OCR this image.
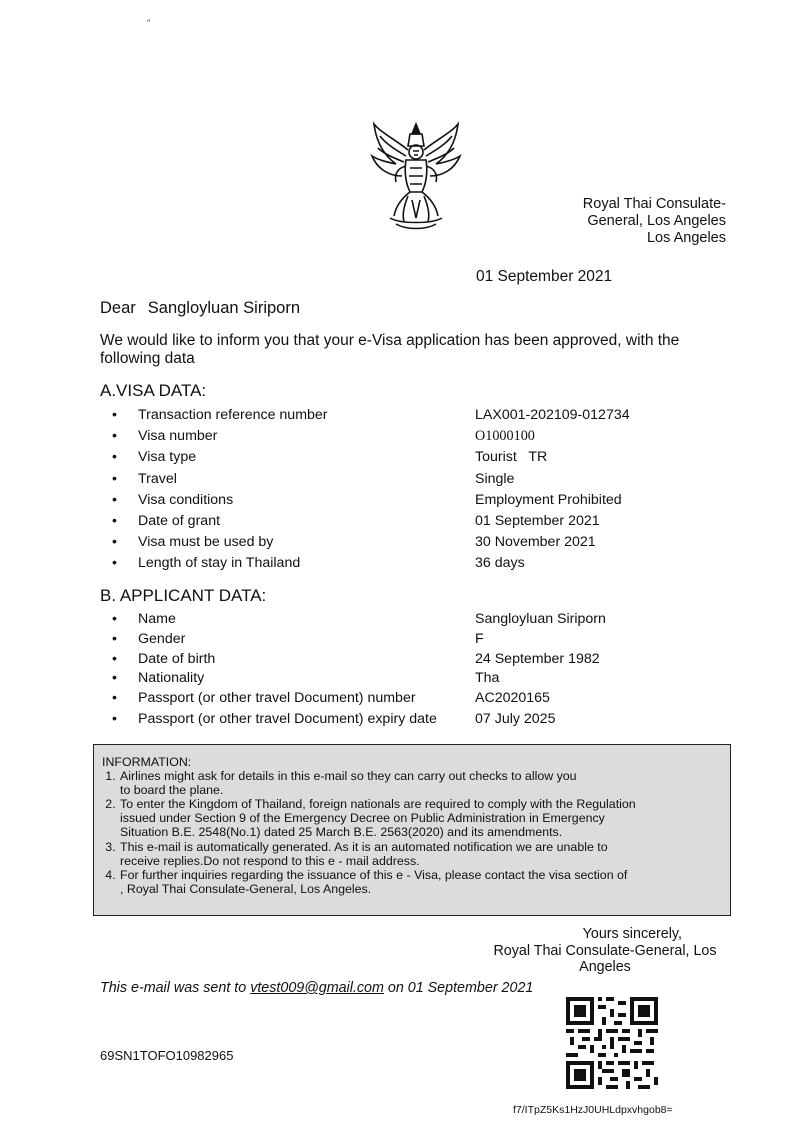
″
Royal Thai Consulate-
General, Los Angeles
Los Angeles
01 September 2021
Dear Sangloyluan Siriporn
We would like to inform you that your e-Visa application has been approved, with the
following data
A.VISA DATA:
•	Transaction reference number	LAX001-202109-012734
•	Visa number	O1000100
•	Visa type	Tourist   TR
•	Travel	Single
•	Visa conditions	Employment Prohibited
•	Date of grant	01 September 2021
•	Visa must be used by	30 November 2021
•	Length of stay in Thailand	36 days
B. APPLICANT DATA:
•	Name	Sangloyluan Siriporn
•	Gender	F
•	Date of birth	24 September 1982
•	Nationality	Tha
•	Passport (or other travel Document) number	AC2020165
•	Passport (or other travel Document) expiry date	07 July 2025
INFORMATION:
1. Airlines might ask for details in this e-mail so they can carry out checks to allow you
to board the plane.
2. To enter the Kingdom of Thailand, foreign nationals are required to comply with the Regulation
issued under Section 9 of the Emergency Decree on Public Administration in Emergency
Situation B.E. 2548(No.1) dated 25 March B.E. 2563(2020) and its amendments.
3. This e-mail is automatically generated. As it is an automated notification we are unable to
receive replies.Do not respond to this e - mail address.
4. For further inquiries regarding the issuance of this e - Visa, please contact the visa section of
, Royal Thai Consulate-General, Los Angeles.
Yours sincerely,
Royal Thai Consulate-General, Los
Angeles
This e-mail was sent to vtest009@gmail.com on 01 September 2021
69SN1TOFO10982965
f7/ITpZ5Ks1HzJ0UHLdpxvhgob8=
